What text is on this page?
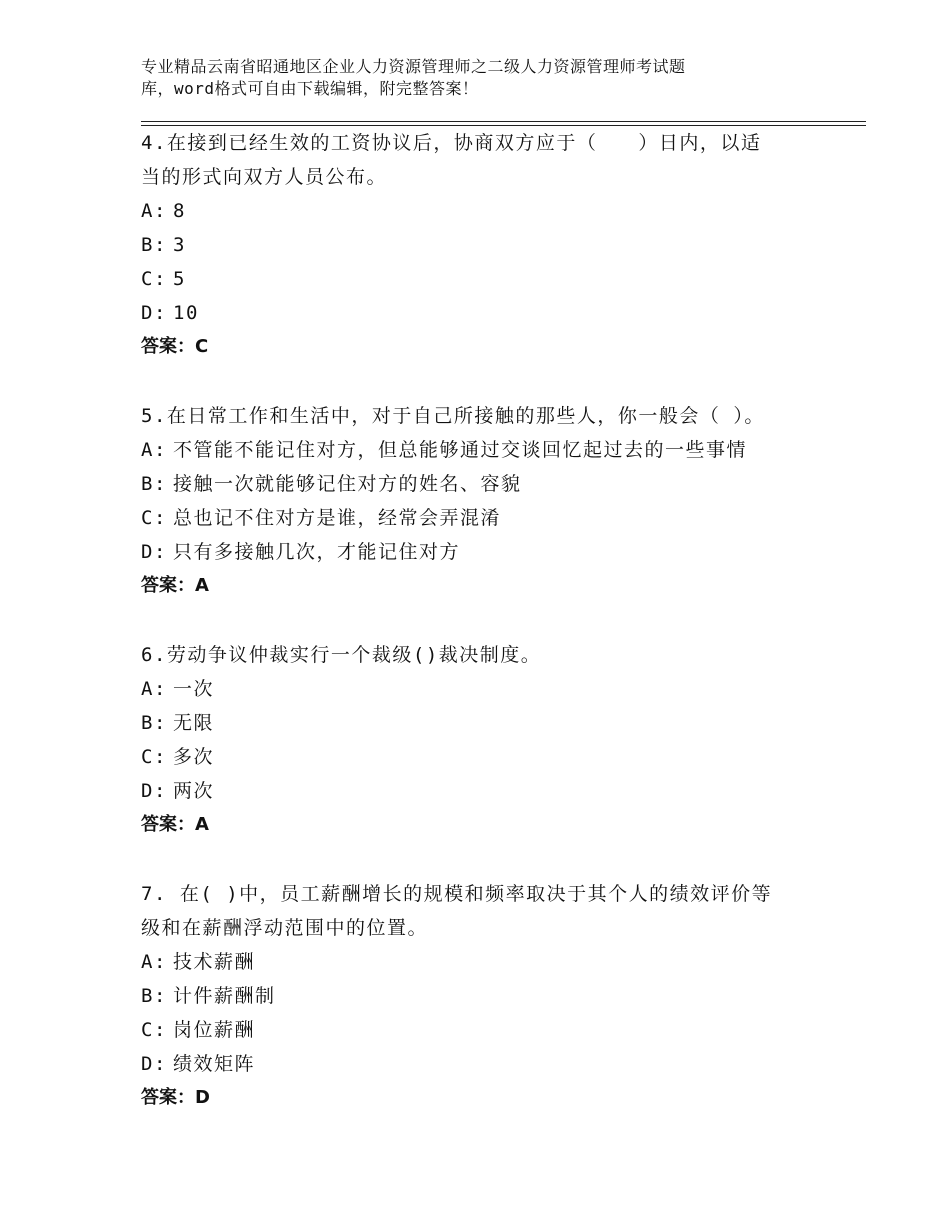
专业精品云南省昭通地区企业人力资源管理师之二级人力资源管理师考试题
库，word格式可自由下载编辑，附完整答案！

4.在接到已经生效的工资协议后，协商双方应于（　　）日内，以适

当的形式向双方人员公布。

A: 8

B: 3

C: 5

D: 10

答案：C

5.在日常工作和生活中，对于自己所接触的那些人，你一般会（ ）。

A: 不管能不能记住对方，但总能够通过交谈回忆起过去的一些事情

B: 接触一次就能够记住对方的姓名、容貌

C: 总也记不住对方是谁，经常会弄混淆

D: 只有多接触几次，才能记住对方

答案：A

6.劳动争议仲裁实行一个裁级()裁决制度。

A: 一次

B: 无限

C: 多次

D: 两次

答案：A

7. 在( )中，员工薪酬增长的规模和频率取决于其个人的绩效评价等

级和在薪酬浮动范围中的位置。

A: 技术薪酬

B: 计件薪酬制

C: 岗位薪酬

D: 绩效矩阵

答案：D
